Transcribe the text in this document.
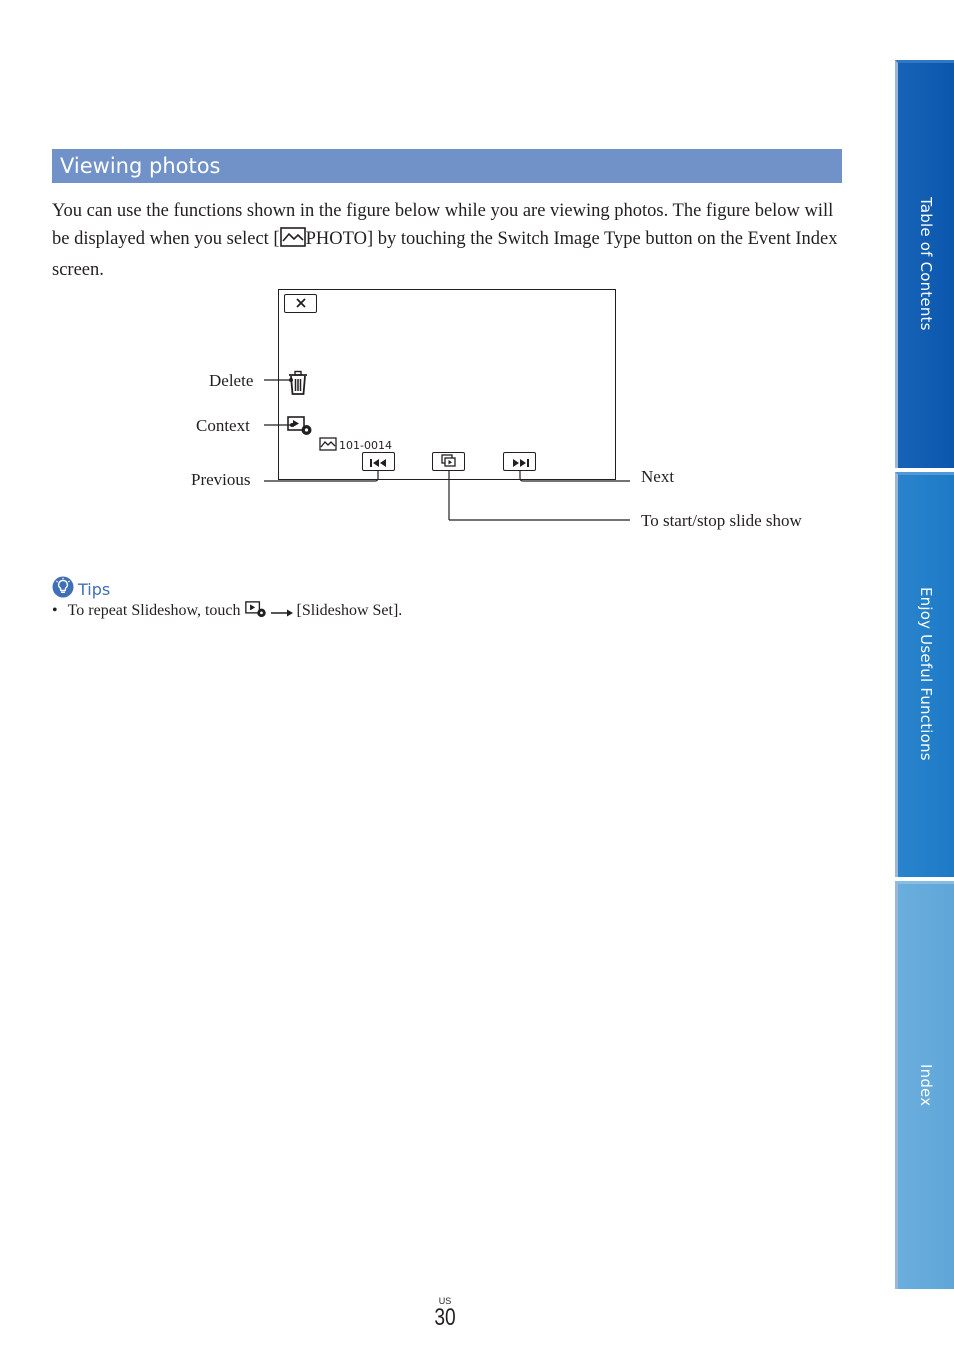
Viewing photos

You can use the functions shown in the figure below while you are viewing photos. The figure below will be displayed when you select [ PHOTO] by touching the Switch Image Type button on the Event Index screen.

101-0014
Delete
Context
Previous	Next
To start/stop slide show
Tips
• To repeat Slideshow, touch	[Slideshow Set].
Table of Contents
Enjoy Useful Functions
Index
US
30
